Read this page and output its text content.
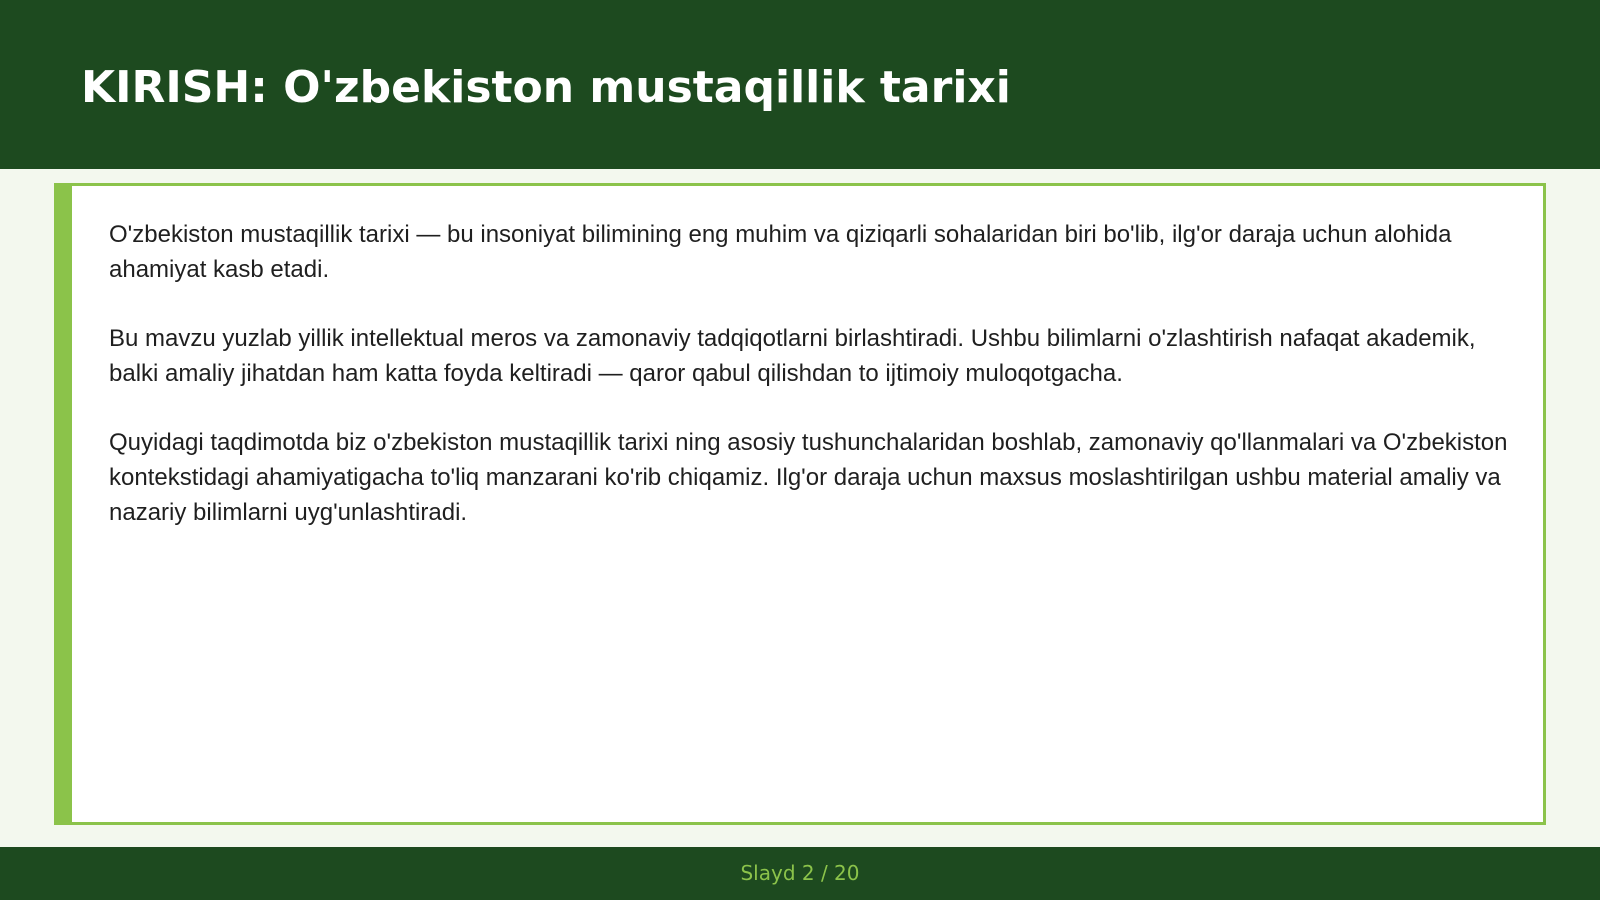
KIRISH: O'zbekiston mustaqillik tarixi

O'zbekiston mustaqillik tarixi — bu insoniyat bilimining eng muhim va qiziqarli sohalaridan biri bo'lib, ilg'or daraja uchun alohida ahamiyat kasb etadi.

Bu mavzu yuzlab yillik intellektual meros va zamonaviy tadqiqotlarni birlashtiradi. Ushbu bilimlarni o'zlashtirish nafaqat akademik, balki amaliy jihatdan ham katta foyda keltiradi — qaror qabul qilishdan to ijtimoiy muloqotgacha.

Quyidagi taqdimotda biz o'zbekiston mustaqillik tarixi ning asosiy tushunchalaridan boshlab, zamonaviy qo'llanmalari va O'zbekiston kontekstidagi ahamiyatigacha to'liq manzarani ko'rib chiqamiz. Ilg'or daraja uchun maxsus moslashtirilgan ushbu material amaliy va nazariy bilimlarni uyg'unlashtiradi.

Slayd 2 / 20
